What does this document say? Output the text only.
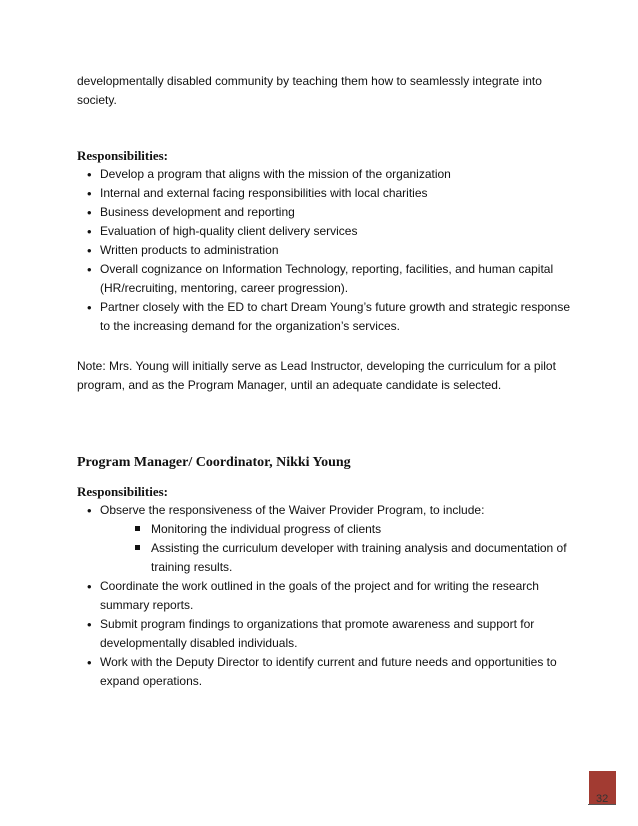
developmentally disabled community by teaching them how to seamlessly integrate into
society.
Responsibilities:
• Develop a program that aligns with the mission of the organization
• Internal and external facing responsibilities with local charities
• Business development and reporting
• Evaluation of high-quality client delivery services
• Written products to administration
• Overall cognizance on Information Technology, reporting, facilities, and human capital (HR/recruiting, mentoring, career progression).
• Partner closely with the ED to chart Dream Young’s future growth and strategic response to the increasing demand for the organization’s services.
Note: Mrs. Young will initially serve as Lead Instructor, developing the curriculum for a pilot program, and as the Program Manager, until an adequate candidate is selected.
Program Manager/ Coordinator, Nikki Young
Responsibilities:
• Observe the responsiveness of the Waiver Provider Program, to include:
Monitoring the individual progress of clients
Assisting the curriculum developer with training analysis and documentation of training results.
• Coordinate the work outlined in the goals of the project and for writing the research summary reports.
• Submit program findings to organizations that promote awareness and support for developmentally disabled individuals.
• Work with the Deputy Director to identify current and future needs and opportunities to expand operations.
32
